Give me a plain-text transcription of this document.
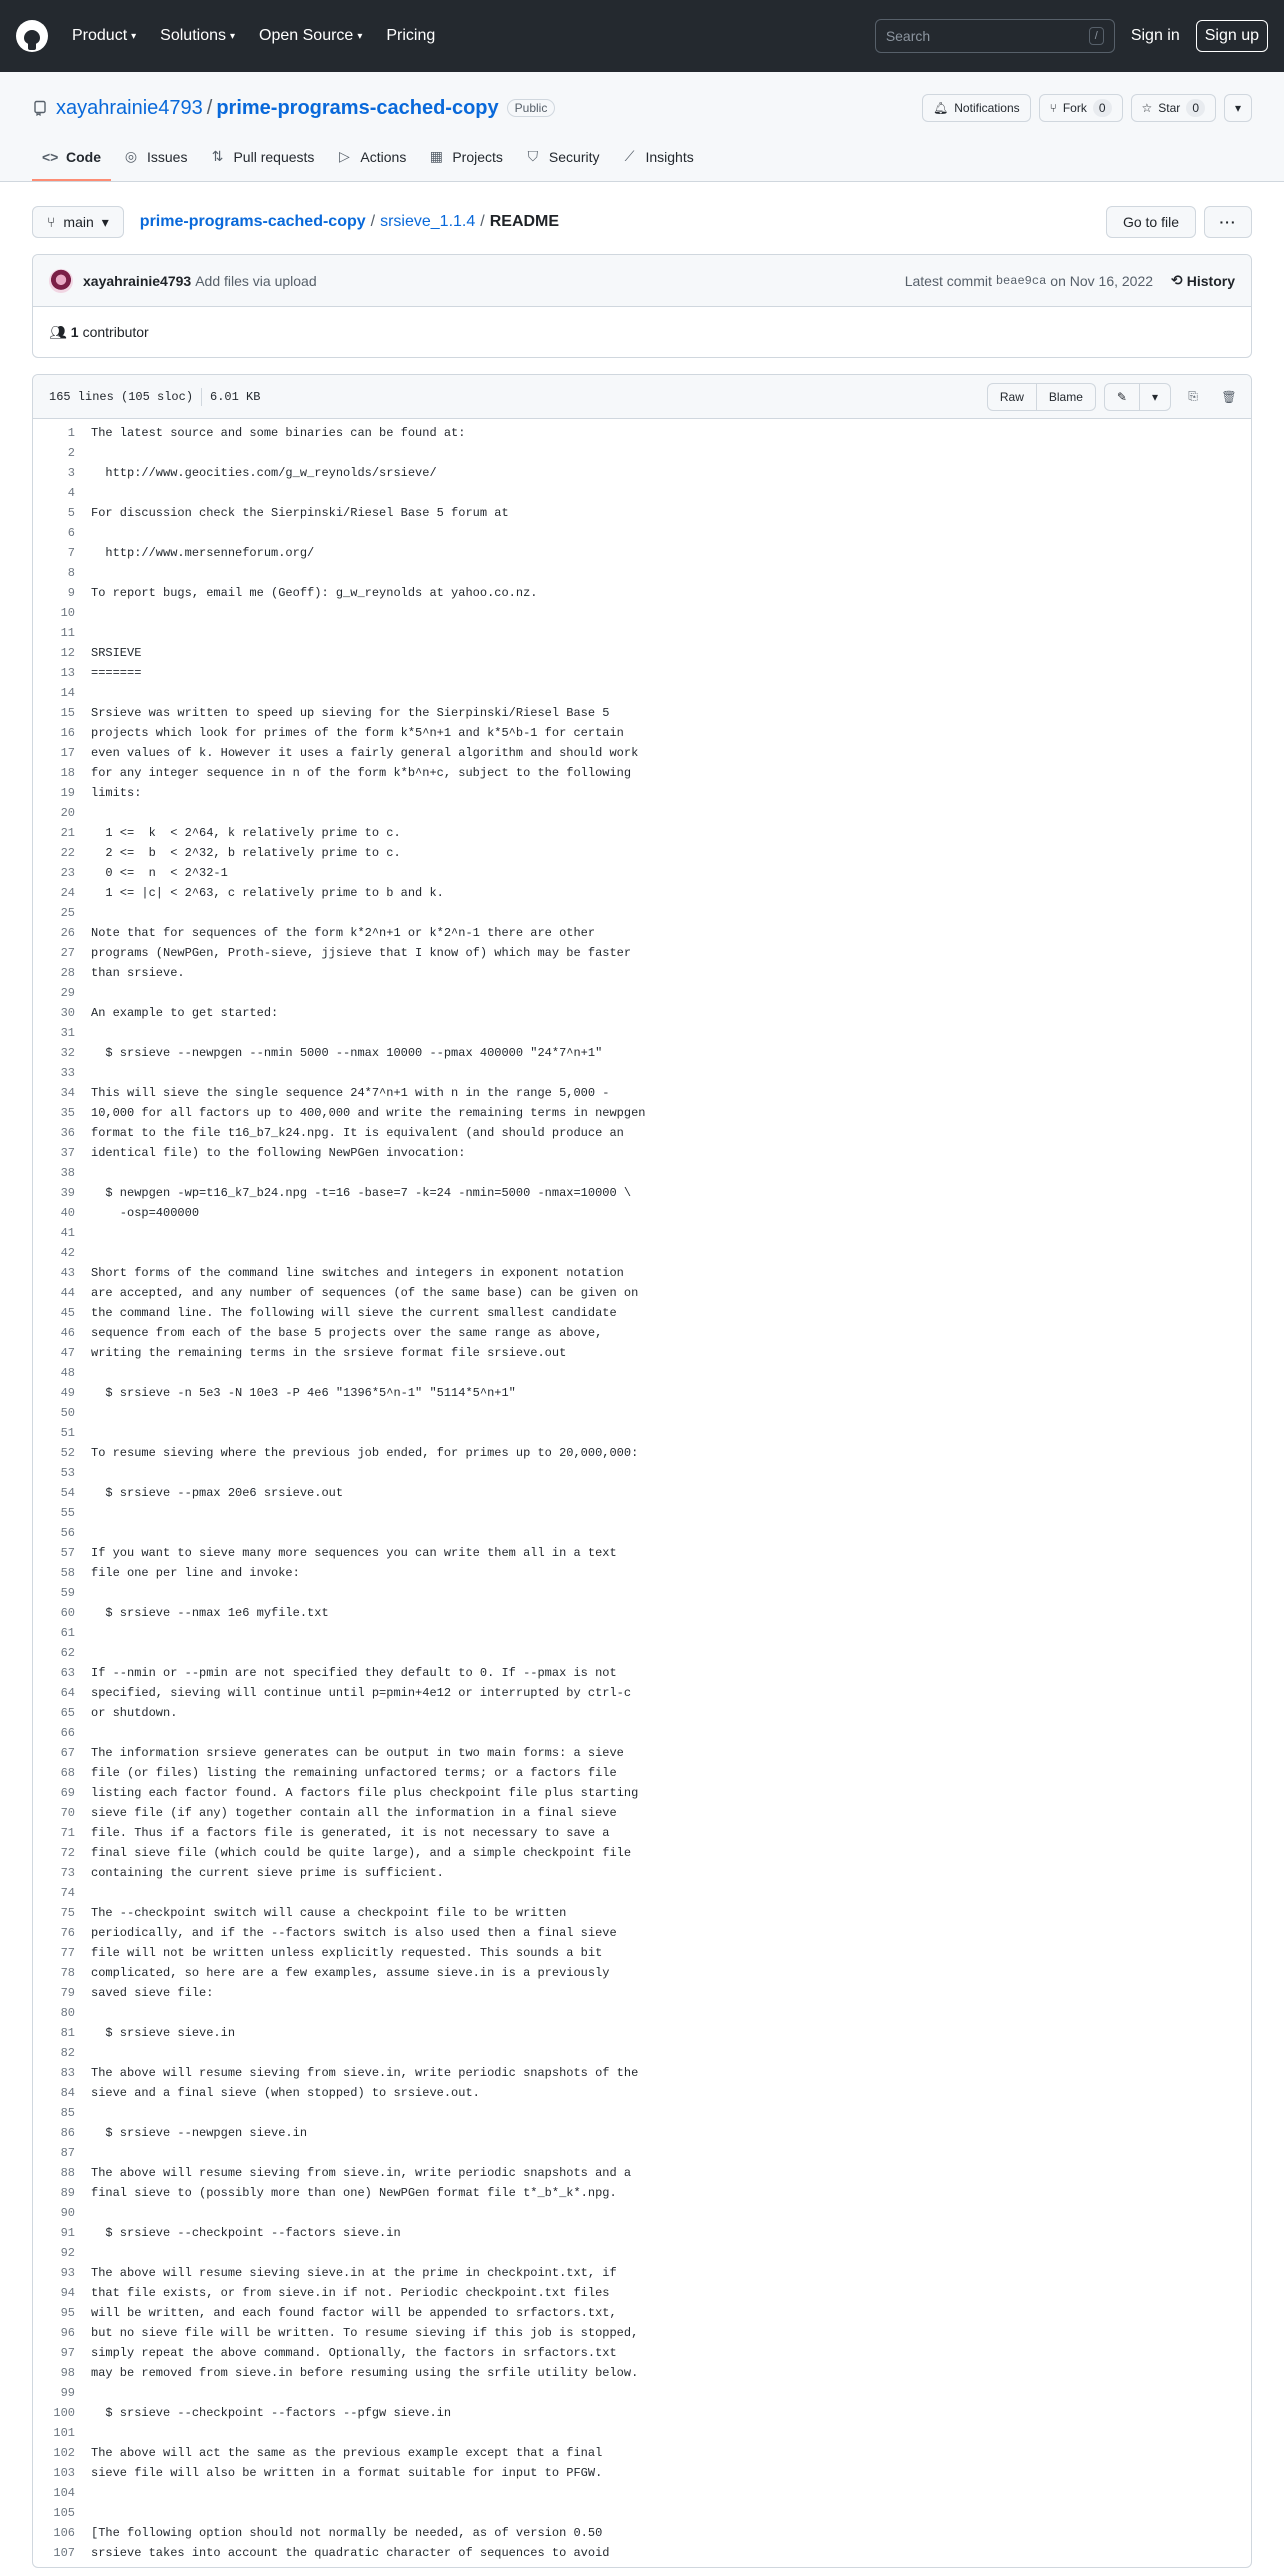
Product ▾ Solutions ▾ Open Source ▾ Pricing
Search	/	Sign in	Sign up
xayahrainie4793 / prime-programs-cached-copy	Public	🔔︎ Notifications	⑂ Fork	0	☆ Star	0	▾
<> Code ◎ Issues ⇅ Pull requests ▷ Actions ▦ Projects ⛉ Security ⟋ Insights
⑂ main ▾ prime-programs-cached-copy / srsieve_1.1.4 / README	Go to file	···
xayahrainie4793 Add files via upload	Latest commit beae9ca on Nov 16, 2022 ⟲ History
👥︎ 1 contributor
165 lines (105 sloc) 6.01 KB	Raw	Blame	✎ ▾	⎘ 🗑︎
1	The latest source and some binaries can be found at:
2
3	http://www.geocities.com/g_w_reynolds/srsieve/
4
5	For discussion check the Sierpinski/Riesel Base 5 forum at
6
7	http://www.mersenneforum.org/
8
9	To report bugs, email me (Geoff): g_w_reynolds at yahoo.co.nz.
10
11
12	SRSIEVE
13	=======
14
15	Srsieve was written to speed up sieving for the Sierpinski/Riesel Base 5
16	projects which look for primes of the form k*5^n+1 and k*5^b-1 for certain
17	even values of k. However it uses a fairly general algorithm and should work
18	for any integer sequence in n of the form k*b^n+c, subject to the following
19	limits:
20
21	1 <=  k  < 2^64, k relatively prime to c.
22	2 <=  b  < 2^32, b relatively prime to c.
23	0 <=  n  < 2^32-1
24	1 <= |c| < 2^63, c relatively prime to b and k.
25
26	Note that for sequences of the form k*2^n+1 or k*2^n-1 there are other
27	programs (NewPGen, Proth-sieve, jjsieve that I know of) which may be faster
28	than srsieve.
29
30	An example to get started:
31
32	$ srsieve --newpgen --nmin 5000 --nmax 10000 --pmax 400000 "24*7^n+1"
33
34	This will sieve the single sequence 24*7^n+1 with n in the range 5,000 -
35	10,000 for all factors up to 400,000 and write the remaining terms in newpgen
36	format to the file t16_b7_k24.npg. It is equivalent (and should produce an
37	identical file) to the following NewPGen invocation:
38
39	$ newpgen -wp=t16_k7_b24.npg -t=16 -base=7 -k=24 -nmin=5000 -nmax=10000 \
40	-osp=400000
41
42
43	Short forms of the command line switches and integers in exponent notation
44	are accepted, and any number of sequences (of the same base) can be given on
45	the command line. The following will sieve the current smallest candidate
46	sequence from each of the base 5 projects over the same range as above,
47	writing the remaining terms in the srsieve format file srsieve.out
48
49	$ srsieve -n 5e3 -N 10e3 -P 4e6 "1396*5^n-1" "5114*5^n+1"
50
51
52	To resume sieving where the previous job ended, for primes up to 20,000,000:
53
54	$ srsieve --pmax 20e6 srsieve.out
55
56
57	If you want to sieve many more sequences you can write them all in a text
58	file one per line and invoke:
59
60	$ srsieve --nmax 1e6 myfile.txt
61
62
63	If --nmin or --pmin are not specified they default to 0. If --pmax is not
64	specified, sieving will continue until p=pmin+4e12 or interrupted by ctrl-c
65	or shutdown.
66
67	The information srsieve generates can be output in two main forms: a sieve
68	file (or files) listing the remaining unfactored terms; or a factors file
69	listing each factor found. A factors file plus checkpoint file plus starting
70	sieve file (if any) together contain all the information in a final sieve
71	file. Thus if a factors file is generated, it is not necessary to save a
72	final sieve file (which could be quite large), and a simple checkpoint file
73	containing the current sieve prime is sufficient.
74
75	The --checkpoint switch will cause a checkpoint file to be written
76	periodically, and if the --factors switch is also used then a final sieve
77	file will not be written unless explicitly requested. This sounds a bit
78	complicated, so here are a few examples, assume sieve.in is a previously
79	saved sieve file:
80
81	$ srsieve sieve.in
82
83	The above will resume sieving from sieve.in, write periodic snapshots of the
84	sieve and a final sieve (when stopped) to srsieve.out.
85
86	$ srsieve --newpgen sieve.in
87
88	The above will resume sieving from sieve.in, write periodic snapshots and a
89	final sieve to (possibly more than one) NewPGen format file t*_b*_k*.npg.
90
91	$ srsieve --checkpoint --factors sieve.in
92
93	The above will resume sieving sieve.in at the prime in checkpoint.txt, if
94	that file exists, or from sieve.in if not. Periodic checkpoint.txt files
95	will be written, and each found factor will be appended to srfactors.txt,
96	but no sieve file will be written. To resume sieving if this job is stopped,
97	simply repeat the above command. Optionally, the factors in srfactors.txt
98	may be removed from sieve.in before resuming using the srfile utility below.
99
100	$ srsieve --checkpoint --factors --pfgw sieve.in
101
102	The above will act the same as the previous example except that a final
103	sieve file will also be written in a format suitable for input to PFGW.
104
105
106	[The following option should not normally be needed, as of version 0.50
107	srsieve takes into account the quadratic character of sequences to avoid
